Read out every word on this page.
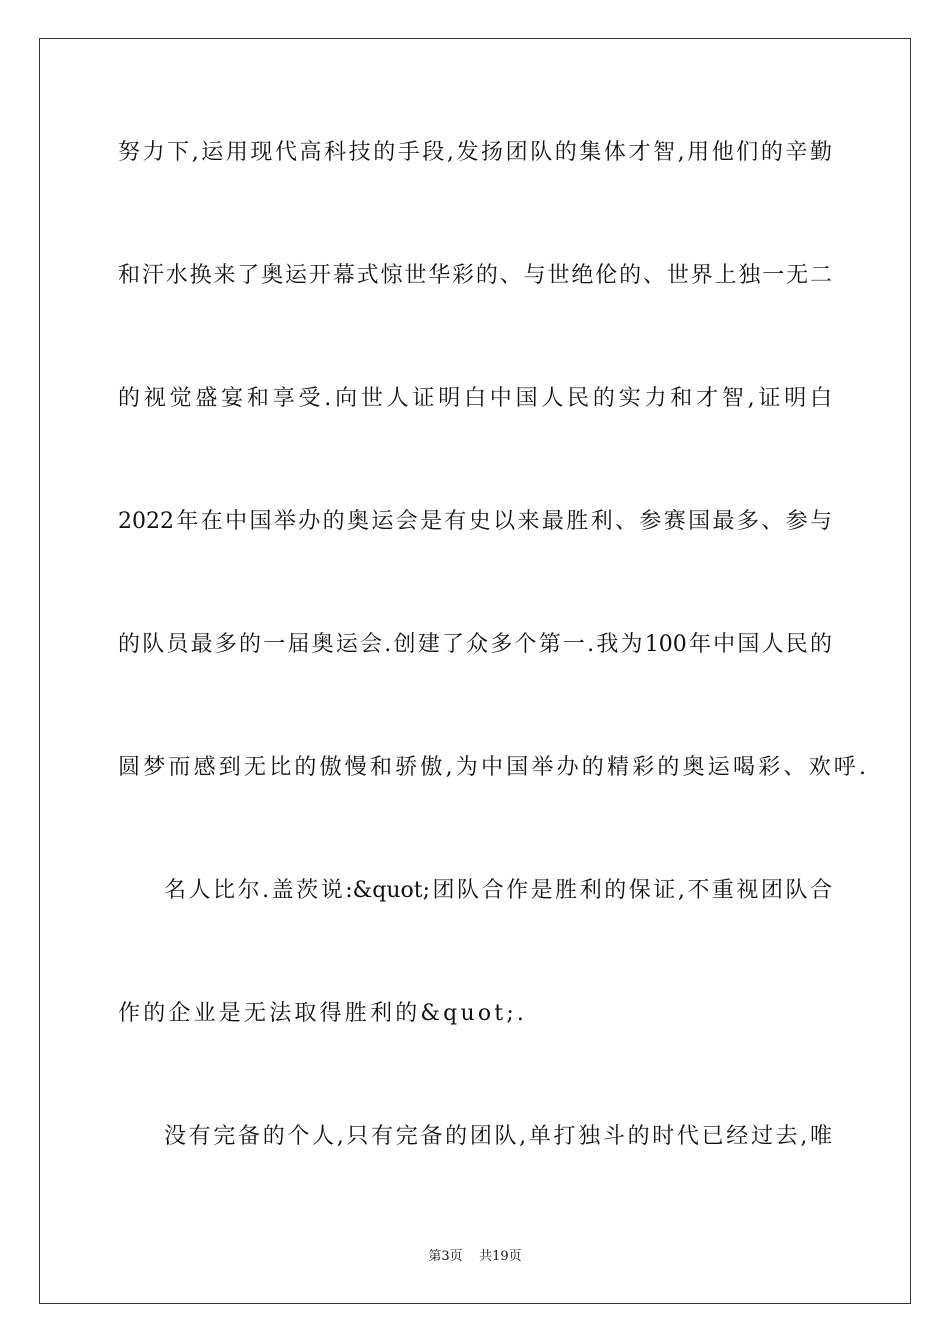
努力下,运用现代高科技的手段,发扬团队的集体才智,用他们的辛勤
和汗水换来了奥运开幕式惊世华彩的、与世绝伦的、世界上独一无二
的视觉盛宴和享受.向世人证明白中国人民的实力和才智,证明白
2022年在中国举办的奥运会是有史以来最胜利、参赛国最多、参与
的队员最多的一届奥运会.创建了众多个第一.我为100年中国人民的
圆梦而感到无比的傲慢和骄傲,为中国举办的精彩的奥运喝彩、欢呼.
名人比尔.盖茨说:&quot;团队合作是胜利的保证,不重视团队合
作的企业是无法取得胜利的&quot;.
没有完备的个人,只有完备的团队,单打独斗的时代已经过去,唯
第3页 共19页
